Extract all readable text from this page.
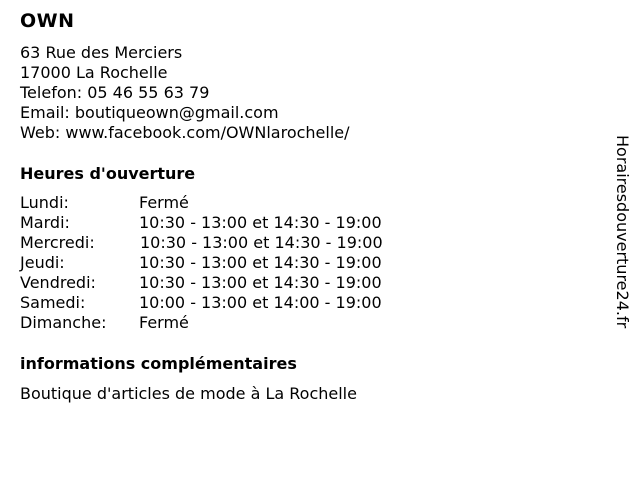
OWN
63 Rue des Merciers
17000 La Rochelle
Telefon: 05 46 55 63 79
Email: boutiqueown@gmail.com
Web: www.facebook.com/OWNlarochelle/
Heures d'ouverture
Lundi:	Fermé
Mardi:	10:30 - 13:00 et 14:30 - 19:00
Mercredi:	10:30 - 13:00 et 14:30 - 19:00
Jeudi:	10:30 - 13:00 et 14:30 - 19:00
Vendredi:	10:30 - 13:00 et 14:30 - 19:00
Samedi:	10:00 - 13:00 et 14:00 - 19:00
Dimanche: Fermé
informations complémentaires
Boutique d'articles de mode à La Rochelle
Horairesdouverture24.fr
